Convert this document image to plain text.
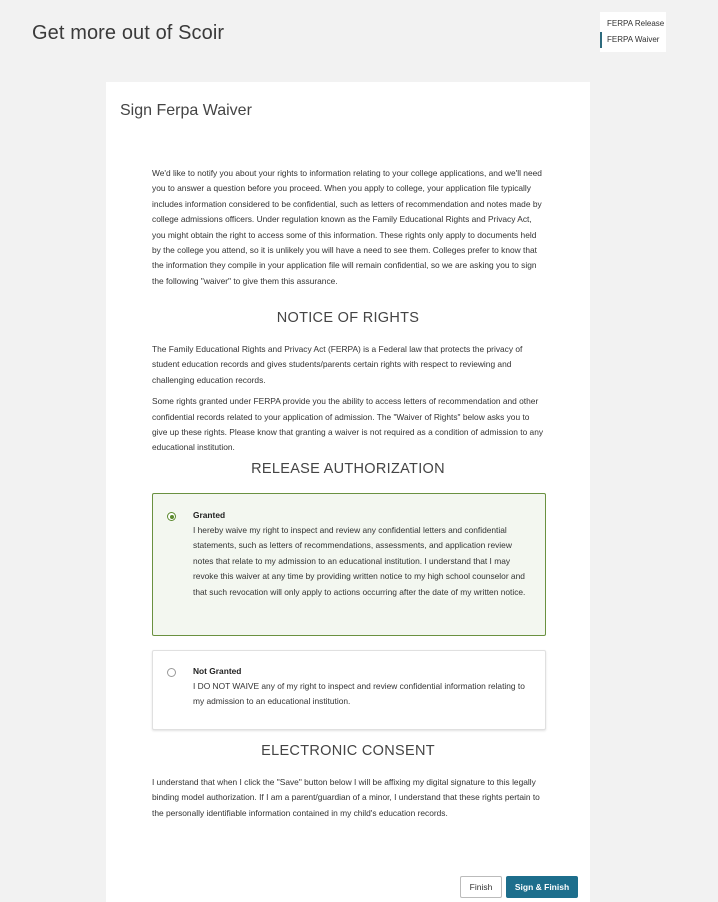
Get more out of Scoir	FERPA Release
FERPA Waiver
Sign Ferpa Waiver

We'd like to notify you about your rights to information relating to your college applications, and we'll need you to answer a question before you proceed. When you apply to college, your application file typically includes information considered to be confidential, such as letters of recommendation and notes made by college admissions officers. Under regulation known as the Family Educational Rights and Privacy Act, you might obtain the right to access some of this information. These rights only apply to documents held by the college you attend, so it is unlikely you will have a need to see them. Colleges prefer to know that the information they compile in your application file will remain confidential, so we are asking you to sign the following "waiver" to give them this assurance.

NOTICE OF RIGHTS

The Family Educational Rights and Privacy Act (FERPA) is a Federal law that protects the privacy of student education records and gives students/parents certain rights with respect to reviewing and challenging education records.

Some rights granted under FERPA provide you the ability to access letters of recommendation and other confidential records related to your application of admission. The "Waiver of Rights" below asks you to give up these rights. Please know that granting a waiver is not required as a condition of admission to any educational institution.

RELEASE AUTHORIZATION
Granted
I hereby waive my right to inspect and review any confidential letters and confidential statements, such as letters of recommendations, assessments, and application review notes that relate to my admission to an educational institution. I understand that I may revoke this waiver at any time by providing written notice to my high school counselor and that such revocation will only apply to actions occurring after the date of my written notice.
Not Granted
I DO NOT WAIVE any of my right to inspect and review confidential information relating to my admission to an educational institution.
ELECTRONIC CONSENT

I understand that when I click the "Save" button below I will be affixing my digital signature to this legally binding model authorization. If I am a parent/guardian of a minor, I understand that these rights pertain to the personally identifiable information contained in my child's education records.

Finish	Sign & Finish
